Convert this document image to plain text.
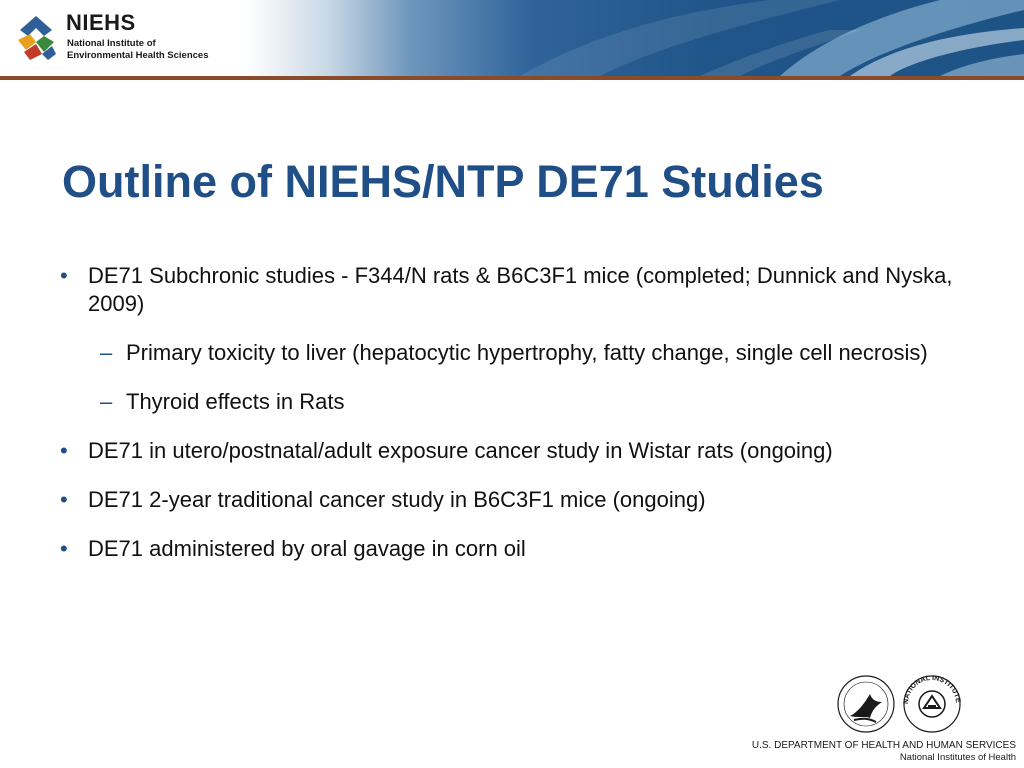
NIEHS
National Institute of
Environmental Health Sciences
Outline of NIEHS/NTP DE71 Studies
• DE71 Subchronic studies - F344/N rats & B6C3F1 mice (completed; Dunnick and Nyska, 2009)
– Primary toxicity to liver (hepatocytic hypertrophy, fatty change, single cell necrosis)
– Thyroid effects in Rats
• DE71 in utero/postnatal/adult exposure cancer study in Wistar rats (ongoing)
• DE71 2-year traditional cancer study in B6C3F1 mice (ongoing)
• DE71 administered by oral gavage in corn oil
NATIONAL INSTITUTE
U.S. DEPARTMENT OF HEALTH AND HUMAN SERVICES
National Institutes of Health
